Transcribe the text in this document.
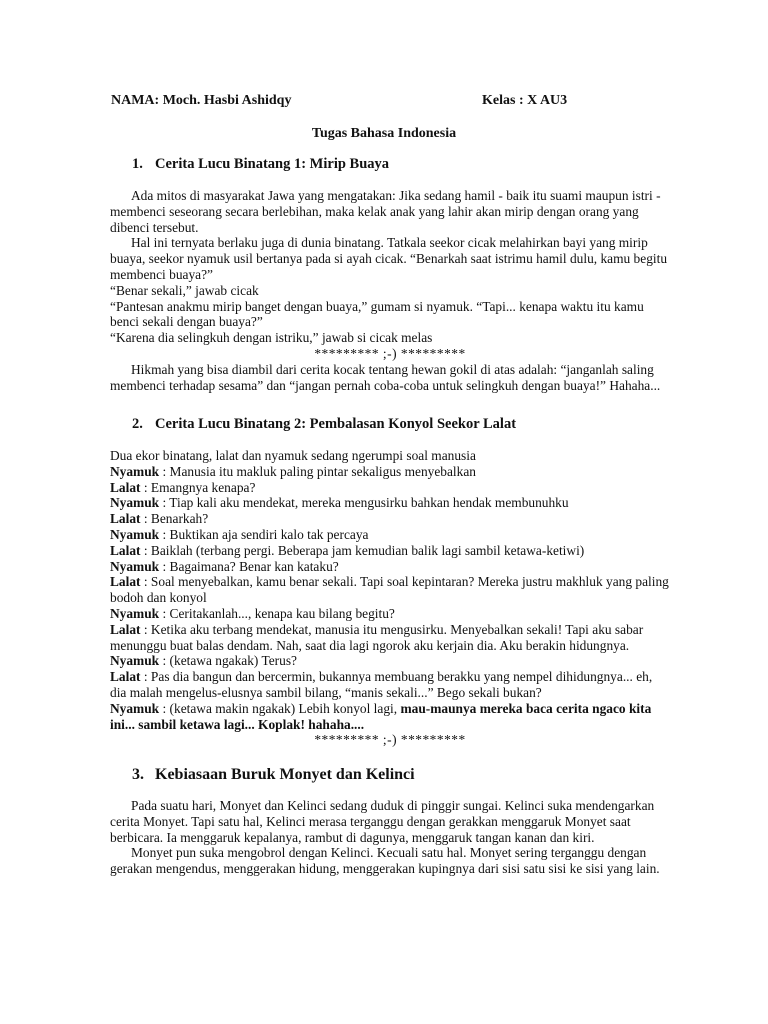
NAMA: Moch. Hasbi Ashidqy	Kelas : X AU3
Tugas Bahasa Indonesia
1. Cerita Lucu Binatang 1: Mirip Buaya

Ada mitos di masyarakat Jawa yang mengatakan: Jika sedang hamil - baik itu suami maupun istri - membenci seseorang secara berlebihan, maka kelak anak yang lahir akan mirip dengan orang yang dibenci tersebut.

Hal ini ternyata berlaku juga di dunia binatang. Tatkala seekor cicak melahirkan bayi yang mirip buaya, seekor nyamuk usil bertanya pada si ayah cicak. “Benarkah saat istrimu hamil dulu, kamu begitu membenci buaya?”

“Benar sekali,” jawab cicak

“Pantesan anakmu mirip banget dengan buaya,” gumam si nyamuk. “Tapi... kenapa waktu itu kamu benci sekali dengan buaya?”

“Karena dia selingkuh dengan istriku,” jawab si cicak melas

********* ;-) *********

Hikmah yang bisa diambil dari cerita kocak tentang hewan gokil di atas adalah: “janganlah saling membenci terhadap sesama” dan “jangan pernah coba-coba untuk selingkuh dengan buaya!” Hahaha...

2. Cerita Lucu Binatang 2: Pembalasan Konyol Seekor Lalat

Dua ekor binatang, lalat dan nyamuk sedang ngerumpi soal manusia

Nyamuk : Manusia itu makluk paling pintar sekaligus menyebalkan

Lalat : Emangnya kenapa?

Nyamuk : Tiap kali aku mendekat, mereka mengusirku bahkan hendak membunuhku

Lalat : Benarkah?

Nyamuk : Buktikan aja sendiri kalo tak percaya

Lalat : Baiklah (terbang pergi. Beberapa jam kemudian balik lagi sambil ketawa-ketiwi)

Nyamuk : Bagaimana? Benar kan kataku?

Lalat : Soal menyebalkan, kamu benar sekali. Tapi soal kepintaran? Mereka justru makhluk yang paling bodoh dan konyol

Nyamuk : Ceritakanlah..., kenapa kau bilang begitu?

Lalat : Ketika aku terbang mendekat, manusia itu mengusirku. Menyebalkan sekali! Tapi aku sabar menunggu buat balas dendam. Nah, saat dia lagi ngorok aku kerjain dia. Aku berakin hidungnya.

Nyamuk : (ketawa ngakak) Terus?

Lalat : Pas dia bangun dan bercermin, bukannya membuang berakku yang nempel dihidungnya... eh, dia malah mengelus-elusnya sambil bilang, “manis sekali...” Bego sekali bukan?

Nyamuk : (ketawa makin ngakak) Lebih konyol lagi, mau-maunya mereka baca cerita ngaco kita ini... sambil ketawa lagi... Koplak! hahaha....

********* ;-) *********

3. Kebiasaan Buruk Monyet dan Kelinci

Pada suatu hari, Monyet dan Kelinci sedang duduk di pinggir sungai. Kelinci suka mendengarkan cerita Monyet. Tapi satu hal, Kelinci merasa terganggu dengan gerakkan menggaruk Monyet saat berbicara. Ia menggaruk kepalanya, rambut di dagunya, menggaruk tangan kanan dan kiri.

Monyet pun suka mengobrol dengan Kelinci. Kecuali satu hal. Monyet sering terganggu dengan gerakan mengendus, menggerakan hidung, menggerakan kupingnya dari sisi satu sisi ke sisi yang lain.
